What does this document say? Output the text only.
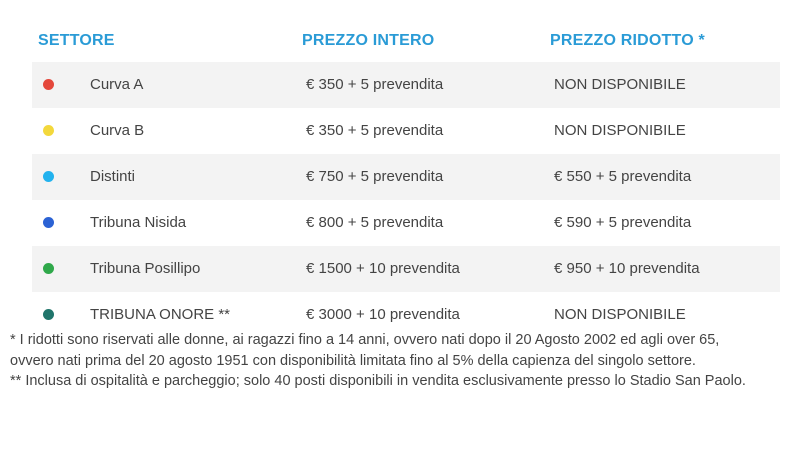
SETTORE	PREZZO INTERO	PREZZO RIDOTTO *
Curva A	€ 350 + 5 prevendita	NON DISPONIBILE
Curva B	€ 350 + 5 prevendita	NON DISPONIBILE
Distinti	€ 750 + 5 prevendita	€ 550 + 5 prevendita
Tribuna Nisida	€ 800 + 5 prevendita	€ 590 + 5 prevendita
Tribuna Posillipo	€ 1500 + 10 prevendita	€ 950 + 10 prevendita
TRIBUNA ONORE **	€ 3000 + 10 prevendita	NON DISPONIBILE

* I ridotti sono riservati alle donne, ai ragazzi fino a 14 anni, ovvero nati dopo il 20 Agosto 2002 ed agli over 65, ovvero nati prima del 20 agosto 1951 con disponibilità limitata fino al 5% della capienza del singolo settore.

** Inclusa di ospitalità e parcheggio; solo 40 posti disponibili in vendita esclusivamente presso lo Stadio San Paolo.
